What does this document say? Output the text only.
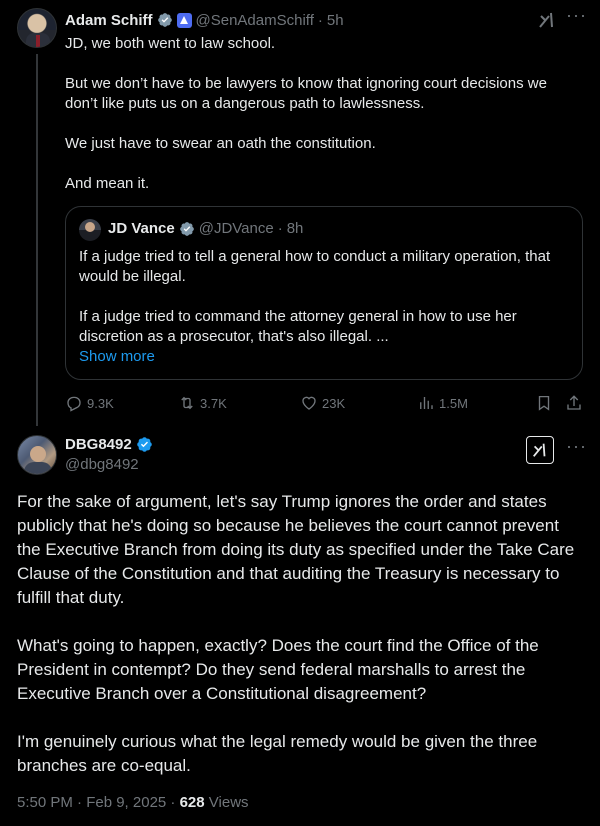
Adam Schiff	@SenAdamSchiff · 5h	···

JD, we both went to law school.

But we don’t have to be lawyers to know that ignoring court decisions we don’t like puts us on a dangerous path to lawlessness.

We just have to swear an oath the constitution.

And mean it.

JD Vance @JDVance · 8h

If a judge tried to tell a general how to conduct a military operation, that would be illegal.

If a judge tried to command the attorney general in how to use her discretion as a prosecutor, that's also illegal. ...

Show more
9.3K	3.7K	23K	1.5M
DBG8492
@dbg8492
···

For the sake of argument, let's say Trump ignores the order and states publicly that he's doing so because he believes the court cannot prevent the Executive Branch from doing its duty as specified under the Take Care Clause of the Constitution and that auditing the Treasury is necessary to fulfill that duty.

What's going to happen, exactly? Does the court find the Office of the President in contempt? Do they send federal marshalls to arrest the Executive Branch over a Constitutional disagreement?

I'm genuinely curious what the legal remedy would be given the three branches are co-equal.

5:50 PM · Feb 9, 2025 · 628 Views
